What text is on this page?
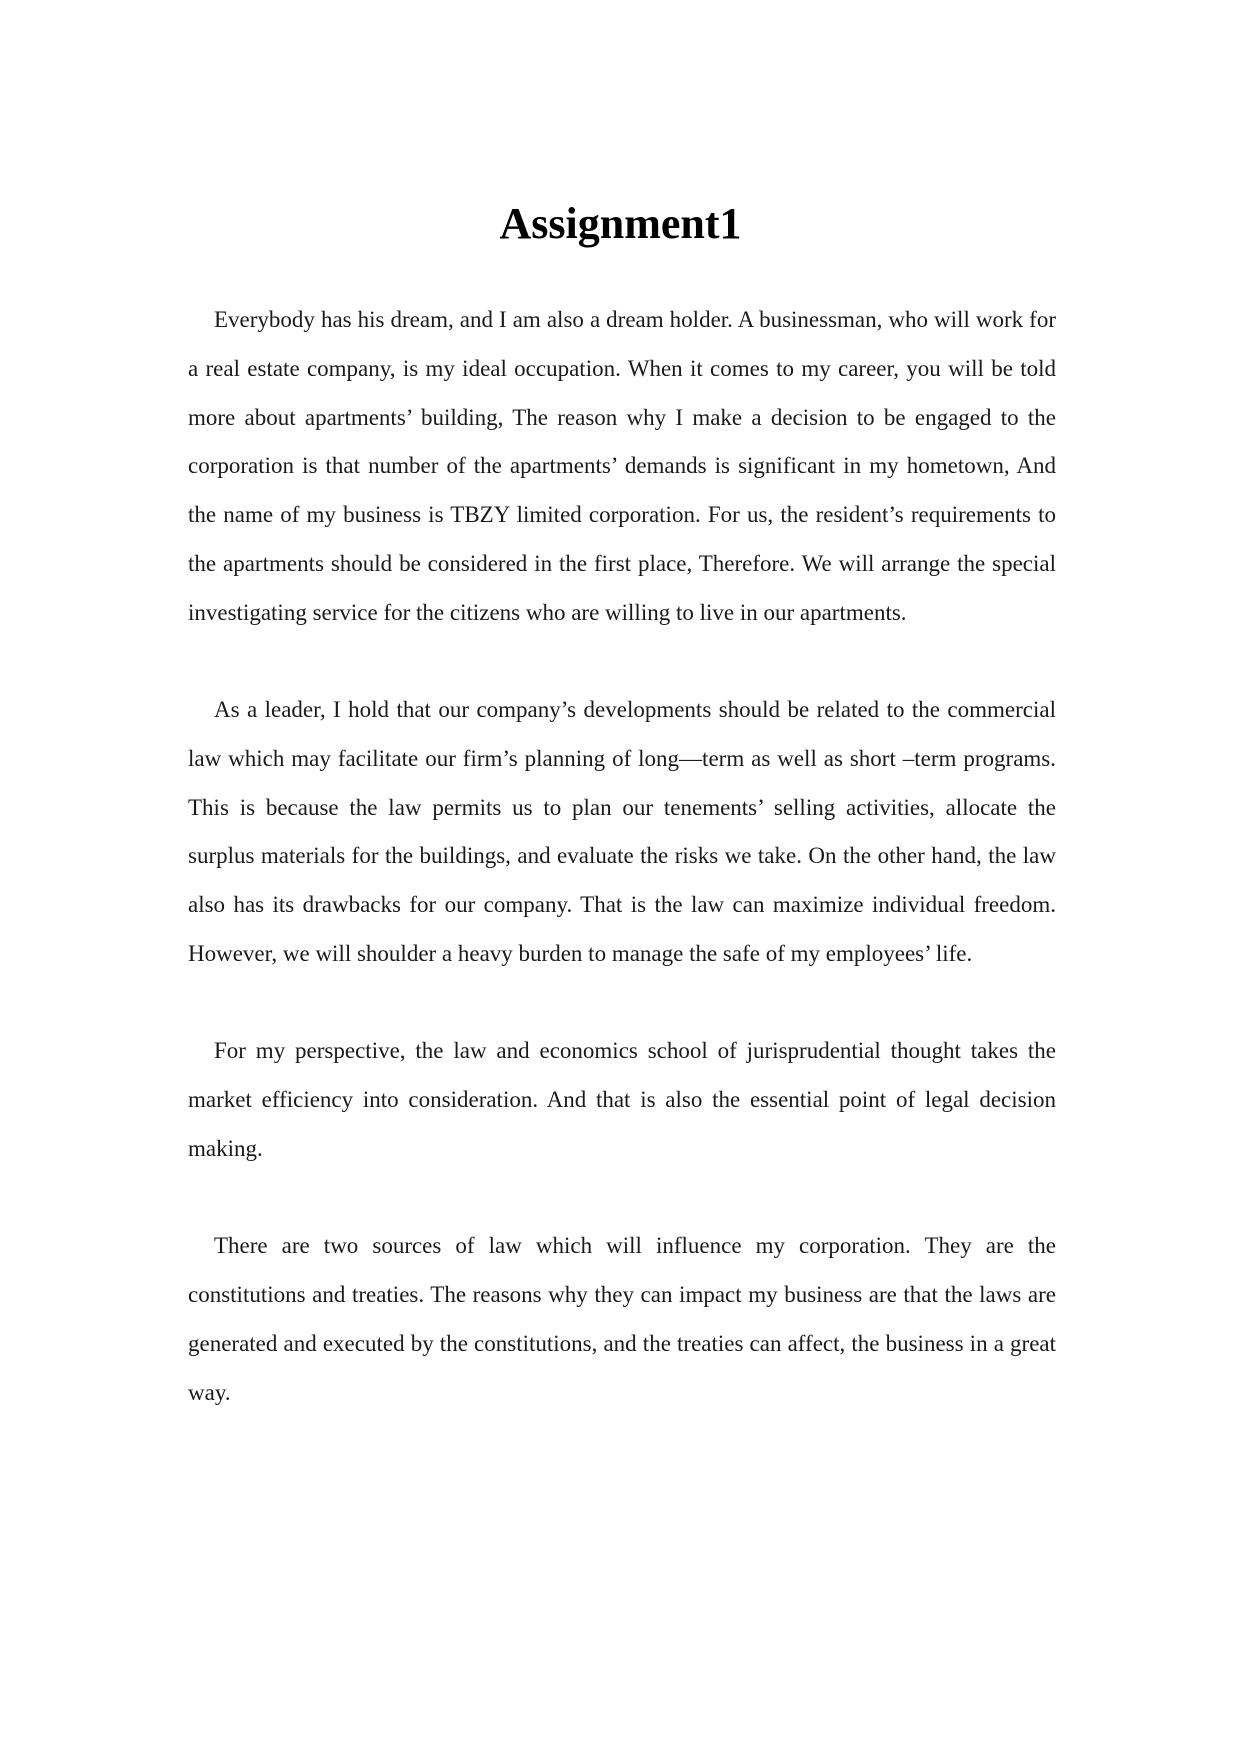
Assignment1

Everybody has his dream, and I am also a dream holder. A businessman, who will work for a real estate company, is my ideal occupation. When it comes to my career, you will be told more about apartments’ building, The reason why I make a decision to be engaged to the corporation is that number of the apartments’ demands is significant in my hometown, And the name of my business is TBZY limited corporation. For us, the resident’s requirements to the apartments should be considered in the first place, Therefore. We will arrange the special investigating service for the citizens who are willing to live in our apartments.

As a leader, I hold that our company’s developments should be related to the commercial law which may facilitate our firm’s planning of long—term as well as short –term programs. This is because the law permits us to plan our tenements’ selling activities, allocate the surplus materials for the buildings, and evaluate the risks we take. On the other hand, the law also has its drawbacks for our company. That is the law can maximize individual freedom. However, we will shoulder a heavy burden to manage the safe of my employees’ life.

For my perspective, the law and economics school of jurisprudential thought takes the market efficiency into consideration. And that is also the essential point of legal decision making.

There are two sources of law which will influence my corporation. They are the constitutions and treaties. The reasons why they can impact my business are that the laws are generated and executed by the constitutions, and the treaties can affect, the business in a great way.
